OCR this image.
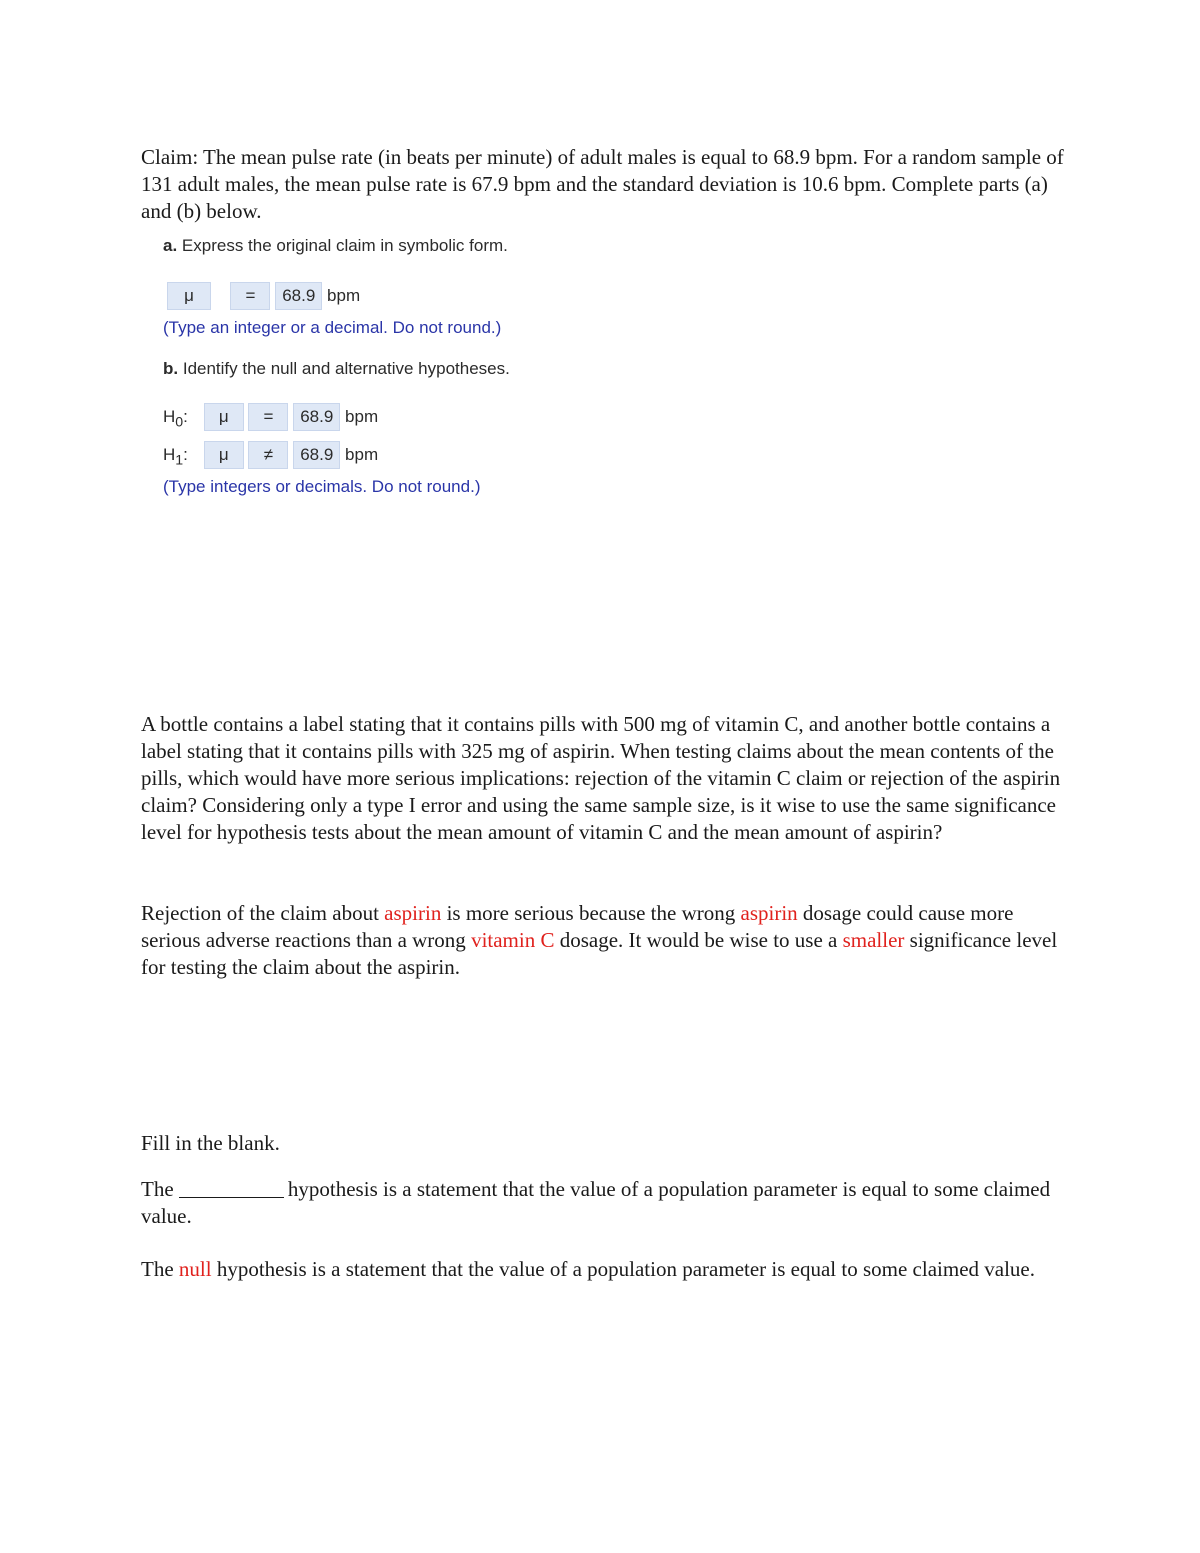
Claim: The mean pulse rate (in beats per minute) of adult males is equal to 68.9 bpm. For a random sample of 131 adult males, the mean pulse rate is 67.9 bpm and the standard deviation is 10.6 bpm. Complete parts (a) and (b) below.

a. Express the original claim in symbolic form.
μ	= 68.9 bpm
(Type an integer or a decimal. Do not round.)
b. Identify the null and alternative hypotheses.
$H_0$: μ = 68.9 bpm
$H_1$: μ ≠ 68.9 bpm
(Type integers or decimals. Do not round.)

A bottle contains a label stating that it contains pills with 500 mg of vitamin C, and another bottle contains a label stating that it contains pills with 325 mg of aspirin. When testing claims about the mean contents of the pills, which would have more serious implications: rejection of the vitamin C claim or rejection of the aspirin claim? Considering only a type I error and using the same sample size, is it wise to use the same significance level for hypothesis tests about the mean amount of vitamin C and the mean amount of aspirin?

Rejection of the claim about aspirin is more serious because the wrong aspirin dosage could cause more serious adverse reactions than a wrong vitamin C dosage. It would be wise to use a smaller significance level for testing the claim about the aspirin.

Fill in the blank.

The	hypothesis is a statement that the value of a population parameter is equal to some claimed value.

The null hypothesis is a statement that the value of a population parameter is equal to some claimed value.
